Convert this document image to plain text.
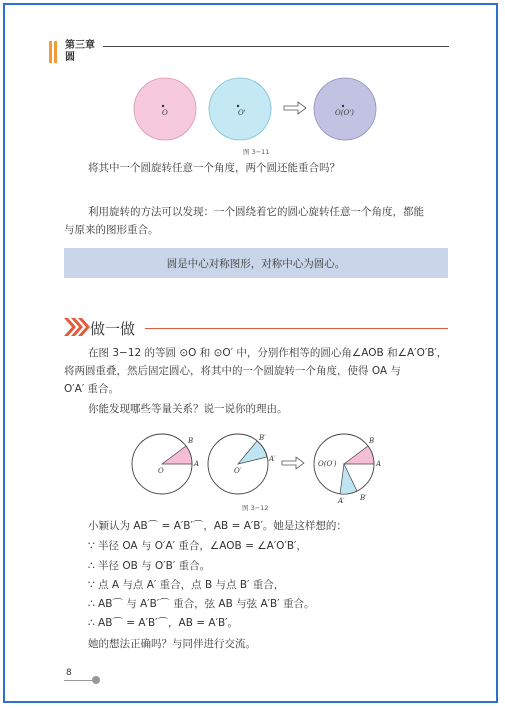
第三章
圆
O	O'	O(O')
图 3−11
将其中一个圆旋转任意一个角度，两个圆还能重合吗？
利用旋转的方法可以发现：一个圆绕着它的圆心旋转任意一个角度，都能
与原来的图形重合。
圆是中心对称图形，对称中心为圆心。
做一做
在图 3−12 的等圆 ⊙O 和 ⊙O′ 中，分别作相等的圆心角∠AOB 和∠A′O′B′，
将两圆重叠，然后固定圆心，将其中的一个圆旋转一个角度，使得 OA 与
O′A′ 重合。
你能发现哪些等量关系？说一说你的理由。
B
A
O
B′
A′
O′
B
A
O(O′)
A′ B′
图 3−12
小颖认为 AB⌒ = A′B′⌒，AB = A′B′。她是这样想的：
∵ 半径 OA 与 O′A′ 重合，∠AOB = ∠A′O′B′，
∴ 半径 OB 与 O′B′ 重合。
∵ 点 A 与点 A′ 重合，点 B 与点 B′ 重合，
∴ AB⌒ 与 A′B′⌒ 重合，弦 AB 与弦 A′B′ 重合。
∴ AB⌒ = A′B′⌒，AB = A′B′。
她的想法正确吗？与同伴进行交流。
8
